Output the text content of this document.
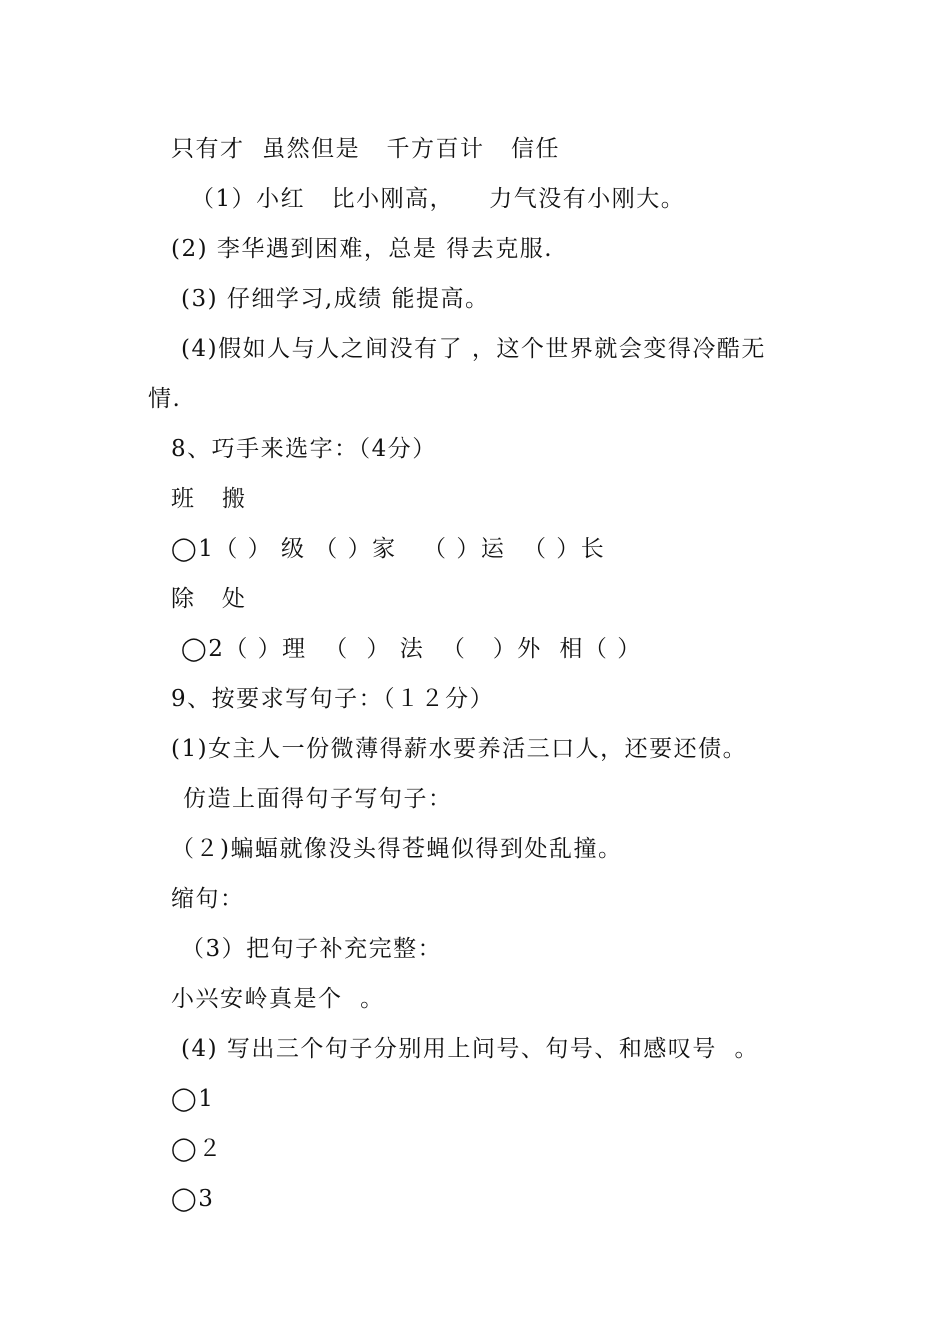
只有才  虽然但是   千方百计   信任
（1）小红   比小刚高，    力气没有小刚大。
(2) 李华遇到困难，总是 得去克服.
(3) 仔细学习,成绩 能提高。
(4)假如人与人之间没有了 ，这个世界就会变得冷酷无
情.
8、巧手来选字：（4分）
班   搬
◯1（ ） 级 （ ）家   （ ）运  （ ）长
除   处
◯2（ ）理  （  ） 法  （   ）外  相（ ）
9、按要求写句子：（１２分）
(1)女主人一份微薄得薪水要养活三口人，还要还债。
仿造上面得句子写句子：
（２)蝙蝠就像没头得苍蝇似得到处乱撞。
缩句：
（3）把句子补充完整：
小兴安岭真是个  。
(4) 写出三个句子分别用上问号、句号、和感叹号  。
◯1
◯２
◯3
